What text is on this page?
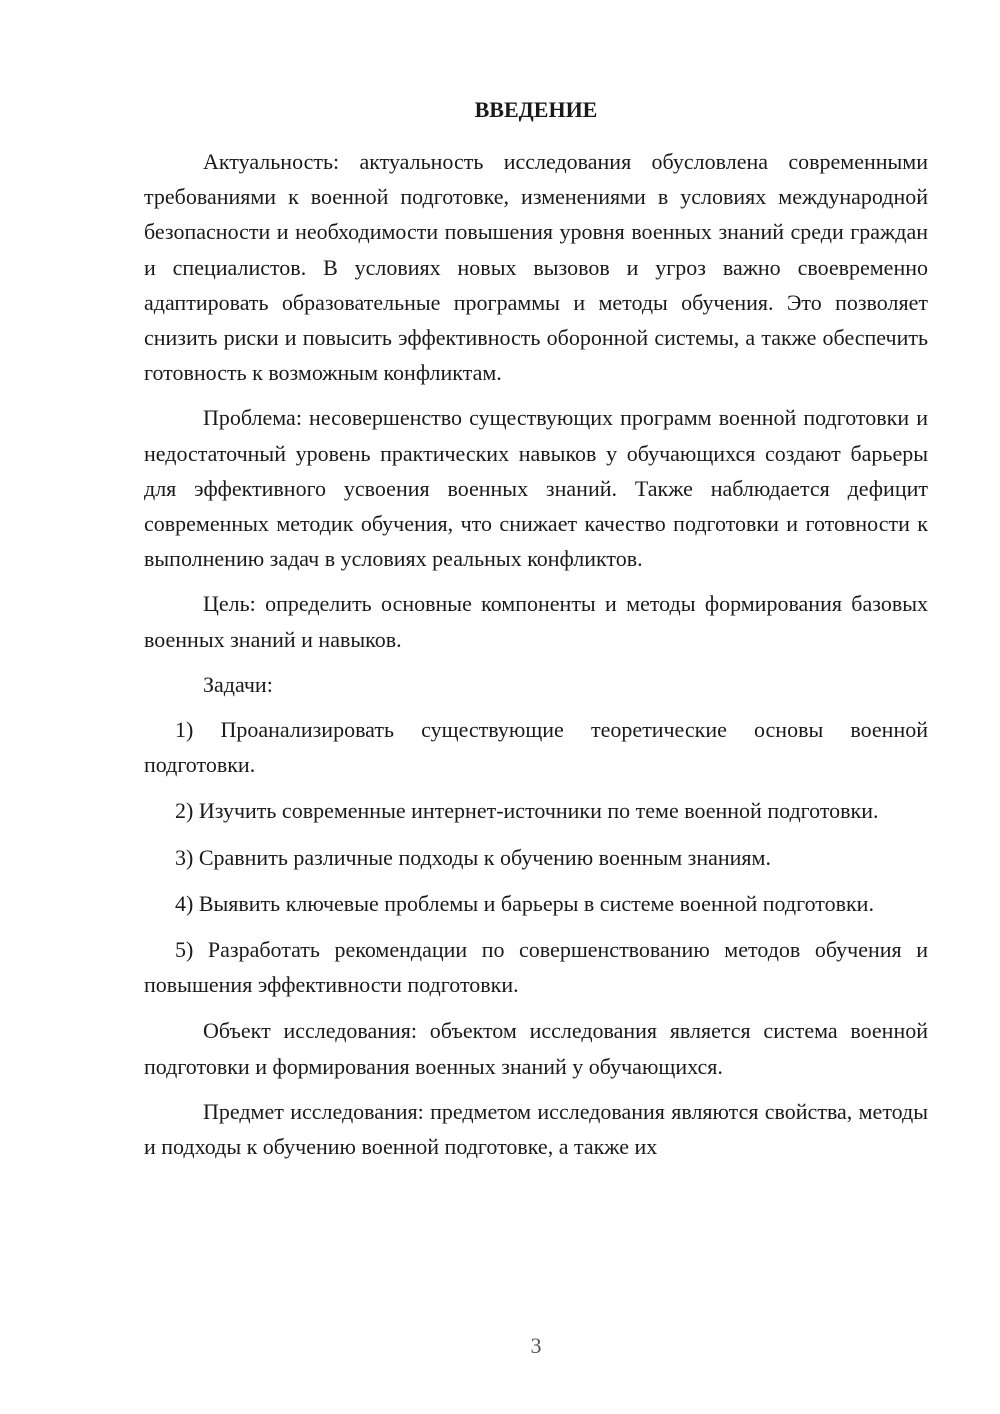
ВВЕДЕНИЕ

Актуальность: актуальность исследования обусловлена современными требованиями к военной подготовке, изменениями в условиях международной безопасности и необходимости повышения уровня военных знаний среди граждан и специалистов. В условиях новых вызовов и угроз важно своевременно адаптировать образовательные программы и методы обучения. Это позволяет снизить риски и повысить эффективность оборонной системы, а также обеспечить готовность к возможным конфликтам.

Проблема: несовершенство существующих программ военной подготовки и недостаточный уровень практических навыков у обучающихся создают барьеры для эффективного усвоения военных знаний. Также наблюдается дефицит современных методик обучения, что снижает качество подготовки и готовности к выполнению задач в условиях реальных конфликтов.

Цель: определить основные компоненты и методы формирования базовых военных знаний и навыков.

Задачи:

1) Проанализировать существующие теоретические основы военной подготовки.

2) Изучить современные интернет-источники по теме военной подготовки.

3) Сравнить различные подходы к обучению военным знаниям.

4) Выявить ключевые проблемы и барьеры в системе военной подготовки.

5) Разработать рекомендации по совершенствованию методов обучения и повышения эффективности подготовки.

Объект исследования: объектом исследования является система военной подготовки и формирования военных знаний у обучающихся.

Предмет исследования: предметом исследования являются свойства, методы и подходы к обучению военной подготовке, а также их

3
